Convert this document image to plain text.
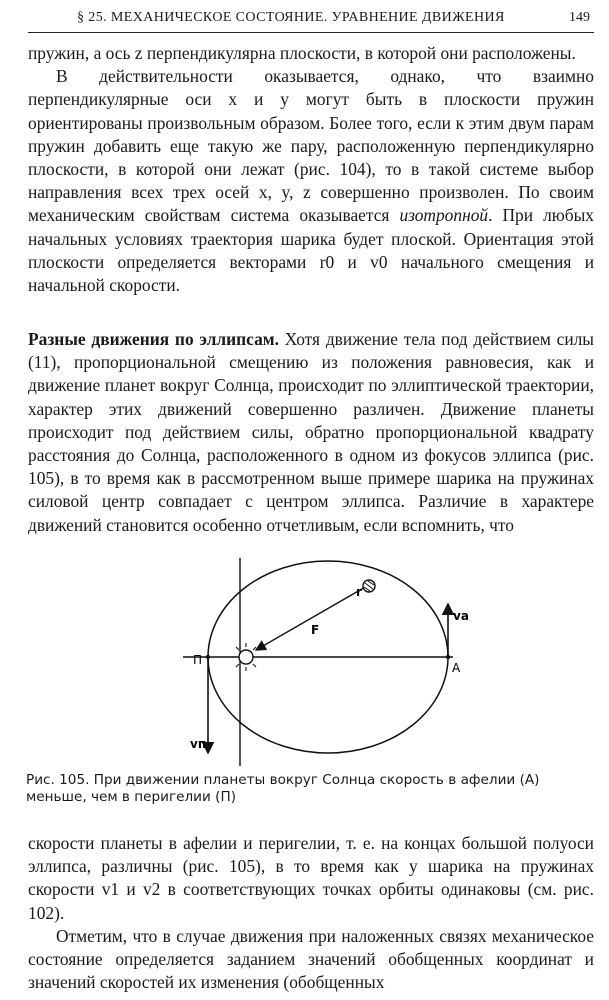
§ 25. МЕХАНИЧЕСКОЕ СОСТОЯНИЕ. УРАВНЕНИЕ ДВИЖЕНИЯ	149

пружин, а ось z перпендикулярна плоскости, в которой они расположены.

В действительности оказывается, однако, что взаимно перпендикулярные оси x и y могут быть в плоскости пружин ориентированы произвольным образом. Более того, если к этим двум парам пружин добавить еще такую же пару, расположенную перпендикулярно плоскости, в которой они лежат (рис. 104), то в такой системе выбор направления всех трех осей x, y, z совершенно произволен. По своим механическим свойствам система оказывается изотропной. При любых начальных условиях траектория шарика будет плоской. Ориентация этой плоскости определяется векторами r0 и v0 начального смещения и начальной скорости.

Разные движения по эллипсам. Хотя движение тела под действием силы (11), пропорциональной смещению из положения равновесия, как и движение планет вокруг Солнца, происходит по эллиптической траектории, характер этих движений совершенно различен. Движение планеты происходит под действием силы, обратно пропорциональной квадрату расстояния до Солнца, расположенного в одном из фокусов эллипса (рис. 105), в то время как в рассмотренном выше примере шарика на пружинах силовой центр совпадает с центром эллипса. Различие в характере движений становится особенно отчетливым, если вспомнить, что

П
А
F
r
vа
vп
Рис. 105. При движении планеты вокруг Солнца скорость в афелии (А) меньше, чем в перигелии (П)

скорости планеты в афелии и перигелии, т. е. на концах большой полуоси эллипса, различны (рис. 105), в то время как у шарика на пружинах скорости v1 и v2 в соответствующих точках орбиты одинаковы (см. рис. 102).

Отметим, что в случае движения при наложенных связях механическое состояние определяется заданием значений обобщенных координат и значений скоростей их изменения (обобщенных
